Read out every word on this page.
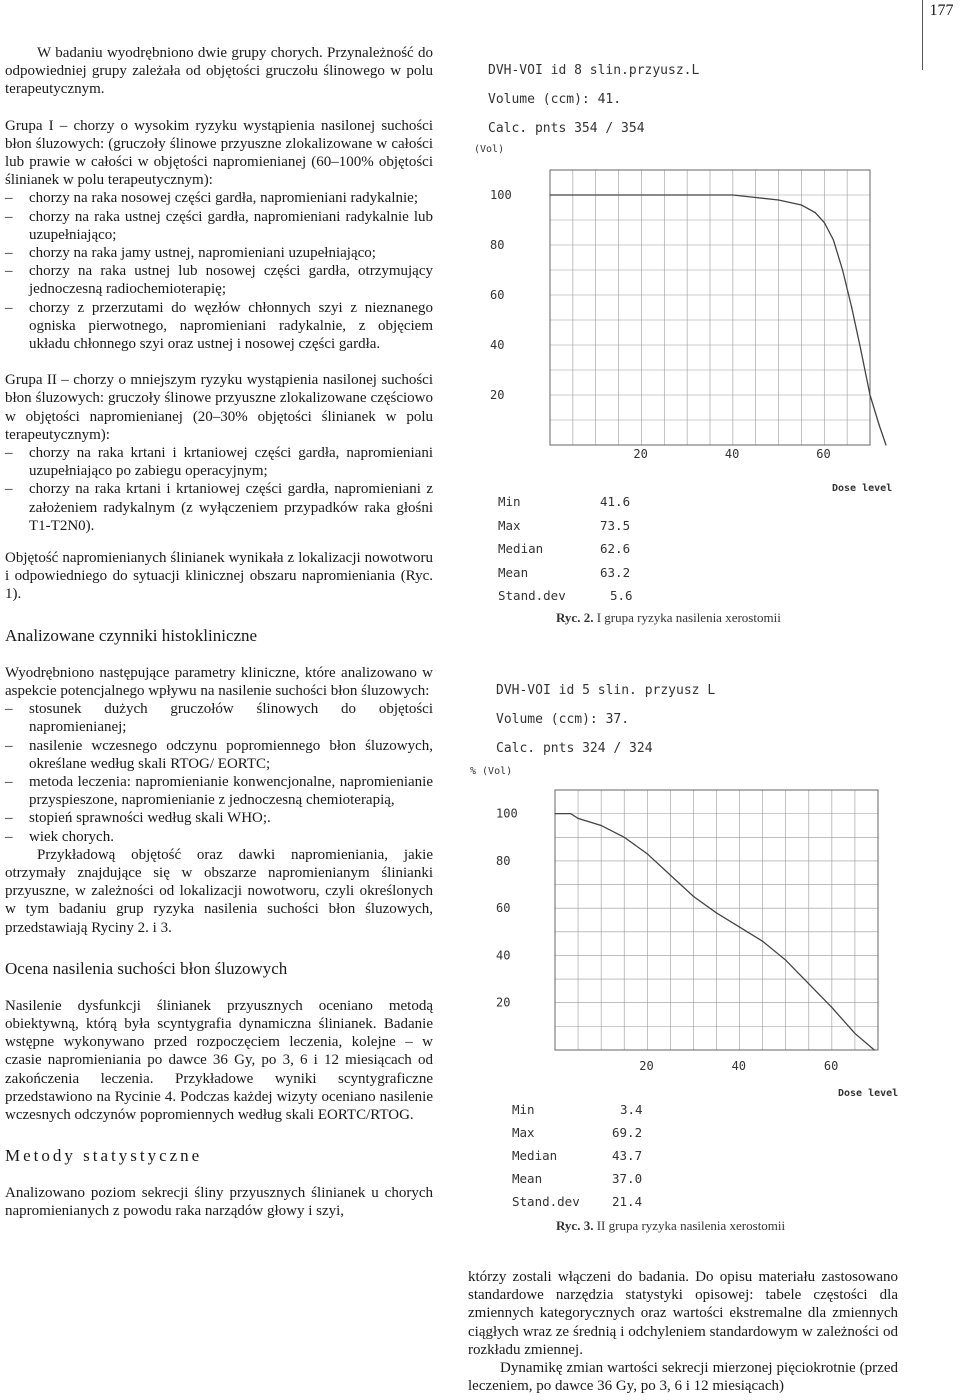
177

W badaniu wyodrębniono dwie grupy chorych. Przynależność do odpowiedniej grupy zależała od objętości gruczołu ślinowego w polu terapeutycznym.

Grupa I – chorzy o wysokim ryzyku wystąpienia nasilonej suchości błon śluzowych: (gruczoły ślinowe przyuszne zlokalizowane w całości lub prawie w całości w objętości napromienianej (60–100% objętości ślinianek w polu terapeutycznym):

– chorzy na raka nosowej części gardła, napromieniani radykalnie;
– chorzy na raka ustnej części gardła, napromieniani radykalnie lub uzupełniająco;
– chorzy na raka jamy ustnej, napromieniani uzupełniająco;
– chorzy na raka ustnej lub nosowej części gardła, otrzymujący jednoczesną radiochemioterapię;
– chorzy z przerzutami do węzłów chłonnych szyi z nieznanego ogniska pierwotnego, napromieniani radykalnie, z objęciem układu chłonnego szyi oraz ustnej i nosowej części gardła.

Grupa II – chorzy o mniejszym ryzyku wystąpienia nasilonej suchości błon śluzowych: gruczoły ślinowe przyuszne zlokalizowane częściowo w objętości napromienianej (20–30% objętości ślinianek w polu terapeutycznym):

– chorzy na raka krtani i krtaniowej części gardła, napromieniani uzupełniająco po zabiegu operacyjnym;
– chorzy na raka krtani i krtaniowej części gardła, napromieniani z założeniem radykalnym (z wyłączeniem przypadków raka głośni T1-T2N0).

Objętość napromienianych ślinianek wynikała z lokalizacji nowotworu i odpowiedniego do sytuacji klinicznej obszaru napromieniania (Ryc. 1).

Analizowane czynniki histokliniczne

Wyodrębniono następujące parametry kliniczne, które analizowano w aspekcie potencjalnego wpływu na nasilenie suchości błon śluzowych:

– stosunek dużych gruczołów ślinowych do objętości napromienianej;
– nasilenie wczesnego odczynu popromiennego błon śluzowych, określane według skali RTOG/ EORTC;
– metoda leczenia: napromienianie konwencjonalne, napromienianie przyspieszone, napromienianie z jednoczesną chemioterapią,
– stopień sprawności według skali WHO;.
– wiek chorych.

Przykładową objętość oraz dawki napromieniania, jakie otrzymały znajdujące się w obszarze napromienianym ślinianki przyuszne, w zależności od lokalizacji nowotworu, czyli określonych w tym badaniu grup ryzyka nasilenia suchości błon śluzowych, przedstawiają Ryciny 2. i 3.

Ocena nasilenia suchości błon śluzowych

Nasilenie dysfunkcji ślinianek przyusznych oceniano metodą obiektywną, którą była scyntygrafia dynamiczna ślinianek. Badanie wstępne wykonywano przed rozpoczęciem leczenia, kolejne – w czasie napromieniania po dawce 36 Gy, po 3, 6 i 12 miesiącach od zakończenia leczenia. Przykładowe wyniki scyntygraficzne przedstawiono na Rycinie 4. Podczas każdej wizyty oceniano nasilenie wczesnych odczynów popromiennych według skali EORTC/RTOG.

Metody statystyczne

Analizowano poziom sekrecji śliny przyusznych ślinianek u chorych napromienianych z powodu raka narządów głowy i szyi,

DVH-VOI id 8 slin.przyusz.L
Volume (ccm): 41.
Calc. pnts 354 / 354
(Vol)
Dose level
100
80
60
40
20
20	40	60
Min	41.6
Max	73.5
Median	62.6
Mean	63.2
Stand.dev	5.6
Ryc. 2. I grupa ryzyka nasilenia xerostomii
DVH-VOI id 5 slin. przyusz L
Volume (ccm): 37.
Calc. pnts 324 / 324
% (Vol)
Dose level
100
80
60
40
20
20	40	60
Min	3.4
Max	69.2
Median	43.7
Mean	37.0
Stand.dev	21.4
Ryc. 3. II grupa ryzyka nasilenia xerostomii

którzy zostali włączeni do badania. Do opisu materiału zastosowano standardowe narzędzia statystyki opisowej: tabele częstości dla zmiennych kategorycznych oraz wartości ekstremalne dla zmiennych ciągłych wraz ze średnią i odchyleniem standardowym w zależności od rozkładu zmiennej.

Dynamikę zmian wartości sekrecji mierzonej pięciokrotnie (przed leczeniem, po dawce 36 Gy, po 3, 6 i 12 miesiącach)
